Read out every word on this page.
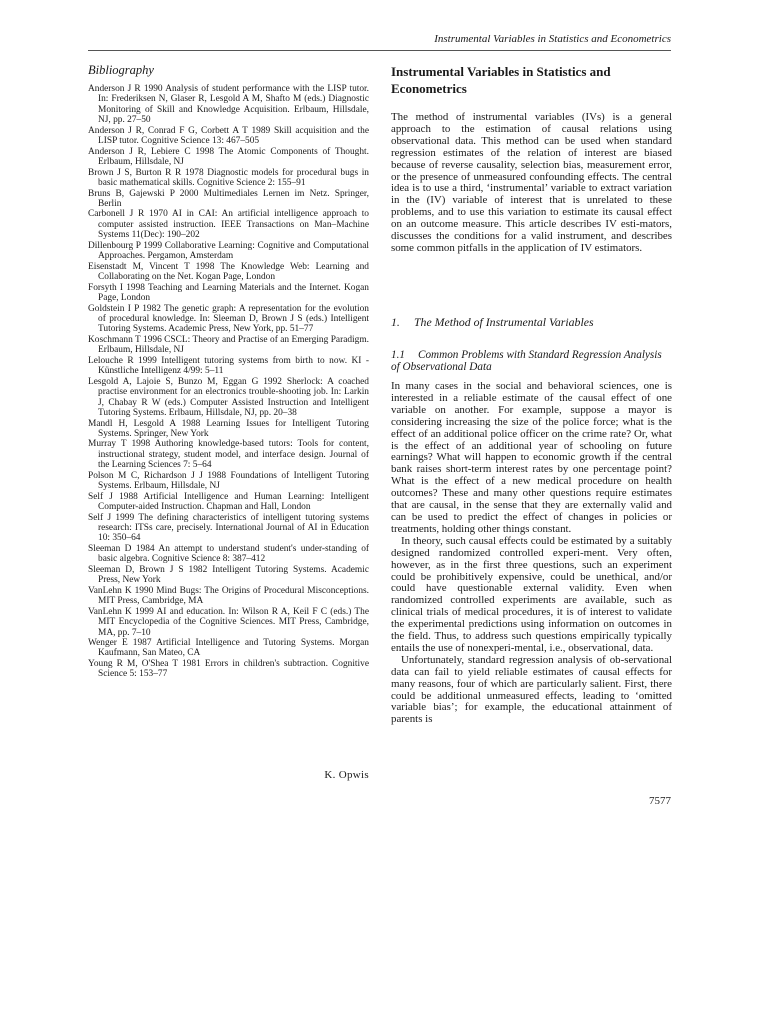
Instrumental Variables in Statistics and Econometrics
Bibliography
Anderson J R 1990 Analysis of student performance with the LISP tutor. In: Frederiksen N, Glaser R, Lesgold A M, Shafto M (eds.) Diagnostic Monitoring of Skill and Knowledge Acquisition. Erlbaum, Hillsdale, NJ, pp. 27–50
Anderson J R, Conrad F G, Corbett A T 1989 Skill acquisition and the LISP tutor. Cognitive Science 13: 467–505
Anderson J R, Lebiere C 1998 The Atomic Components of Thought. Erlbaum, Hillsdale, NJ
Brown J S, Burton R R 1978 Diagnostic models for procedural bugs in basic mathematical skills. Cognitive Science 2: 155–91
Bruns B, Gajewski P 2000 Multimediales Lernen im Netz. Springer, Berlin
Carbonell J R 1970 AI in CAI: An artificial intelligence approach to computer assisted instruction. IEEE Transactions on Man–Machine Systems 11(Dec): 190–202
Dillenbourg P 1999 Collaborative Learning: Cognitive and Computational Approaches. Pergamon, Amsterdam
Eisenstadt M, Vincent T 1998 The Knowledge Web: Learning and Collaborating on the Net. Kogan Page, London
Forsyth I 1998 Teaching and Learning Materials and the Internet. Kogan Page, London
Goldstein I P 1982 The genetic graph: A representation for the evolution of procedural knowledge. In: Sleeman D, Brown J S (eds.) Intelligent Tutoring Systems. Academic Press, New York, pp. 51–77
Koschmann T 1996 CSCL: Theory and Practise of an Emerging Paradigm. Erlbaum, Hillsdale, NJ
Lelouche R 1999 Intelligent tutoring systems from birth to now. KI - Künstliche Intelligenz 4/99: 5–11
Lesgold A, Lajoie S, Bunzo M, Eggan G 1992 Sherlock: A coached practise environment for an electronics trouble-shooting job. In: Larkin J, Chabay R W (eds.) Computer Assisted Instruction and Intelligent Tutoring Systems. Erlbaum, Hillsdale, NJ, pp. 20–38
Mandl H, Lesgold A 1988 Learning Issues for Intelligent Tutoring Systems. Springer, New York
Murray T 1998 Authoring knowledge-based tutors: Tools for content, instructional strategy, student model, and interface design. Journal of the Learning Sciences 7: 5–64
Polson M C, Richardson J J 1988 Foundations of Intelligent Tutoring Systems. Erlbaum, Hillsdale, NJ
Self J 1988 Artificial Intelligence and Human Learning: Intelligent Computer-aided Instruction. Chapman and Hall, London
Self J 1999 The defining characteristics of intelligent tutoring systems research: ITSs care, precisely. International Journal of AI in Education 10: 350–64
Sleeman D 1984 An attempt to understand student's under-standing of basic algebra. Cognitive Science 8: 387–412
Sleeman D, Brown J S 1982 Intelligent Tutoring Systems. Academic Press, New York
VanLehn K 1990 Mind Bugs: The Origins of Procedural Misconceptions. MIT Press, Cambridge, MA
VanLehn K 1999 AI and education. In: Wilson R A, Keil F C (eds.) The MIT Encyclopedia of the Cognitive Sciences. MIT Press, Cambridge, MA, pp. 7–10
Wenger E 1987 Artificial Intelligence and Tutoring Systems. Morgan Kaufmann, San Mateo, CA
Young R M, O'Shea T 1981 Errors in children's subtraction. Cognitive Science 5: 153–77
K. Opwis
Instrumental Variables in Statistics and Econometrics
The method of instrumental variables (IVs) is a general approach to the estimation of causal relations using observational data. This method can be used when standard regression estimates of the relation of interest are biased because of reverse causality, selection bias, measurement error, or the presence of unmeasured confounding effects. The central idea is to use a third, ‘instrumental’ variable to extract variation in the (IV) variable of interest that is unrelated to these problems, and to use this variation to estimate its causal effect on an outcome measure. This article describes IV esti-mators, discusses the conditions for a valid instrument, and describes some common pitfalls in the application of IV estimators.
1. The Method of Instrumental Variables
1.1 Common Problems with Standard Regression Analysis of Observational Data

In many cases in the social and behavioral sciences, one is interested in a reliable estimate of the causal effect of one variable on another. For example, suppose a mayor is considering increasing the size of the police force; what is the effect of an additional police officer on the crime rate? Or, what is the effect of an additional year of schooling on future earnings? What will happen to economic growth if the central bank raises short-term interest rates by one percentage point? What is the effect of a new medical procedure on health outcomes? These and many other questions require estimates that are causal, in the sense that they are externally valid and can be used to predict the effect of changes in policies or treatments, holding other things constant.

In theory, such causal effects could be estimated by a suitably designed randomized controlled experi-ment. Very often, however, as in the first three questions, such an experiment could be prohibitively expensive, could be unethical, and/or could have questionable external validity. Even when randomized controlled experiments are available, such as clinical trials of medical procedures, it is of interest to validate the experimental predictions using information on outcomes in the field. Thus, to address such questions empirically typically entails the use of nonexperi-mental, i.e., observational, data.

Unfortunately, standard regression analysis of ob-servational data can fail to yield reliable estimates of causal effects for many reasons, four of which are particularly salient. First, there could be additional unmeasured effects, leading to ‘omitted variable bias’; for example, the educational attainment of parents is

7577
